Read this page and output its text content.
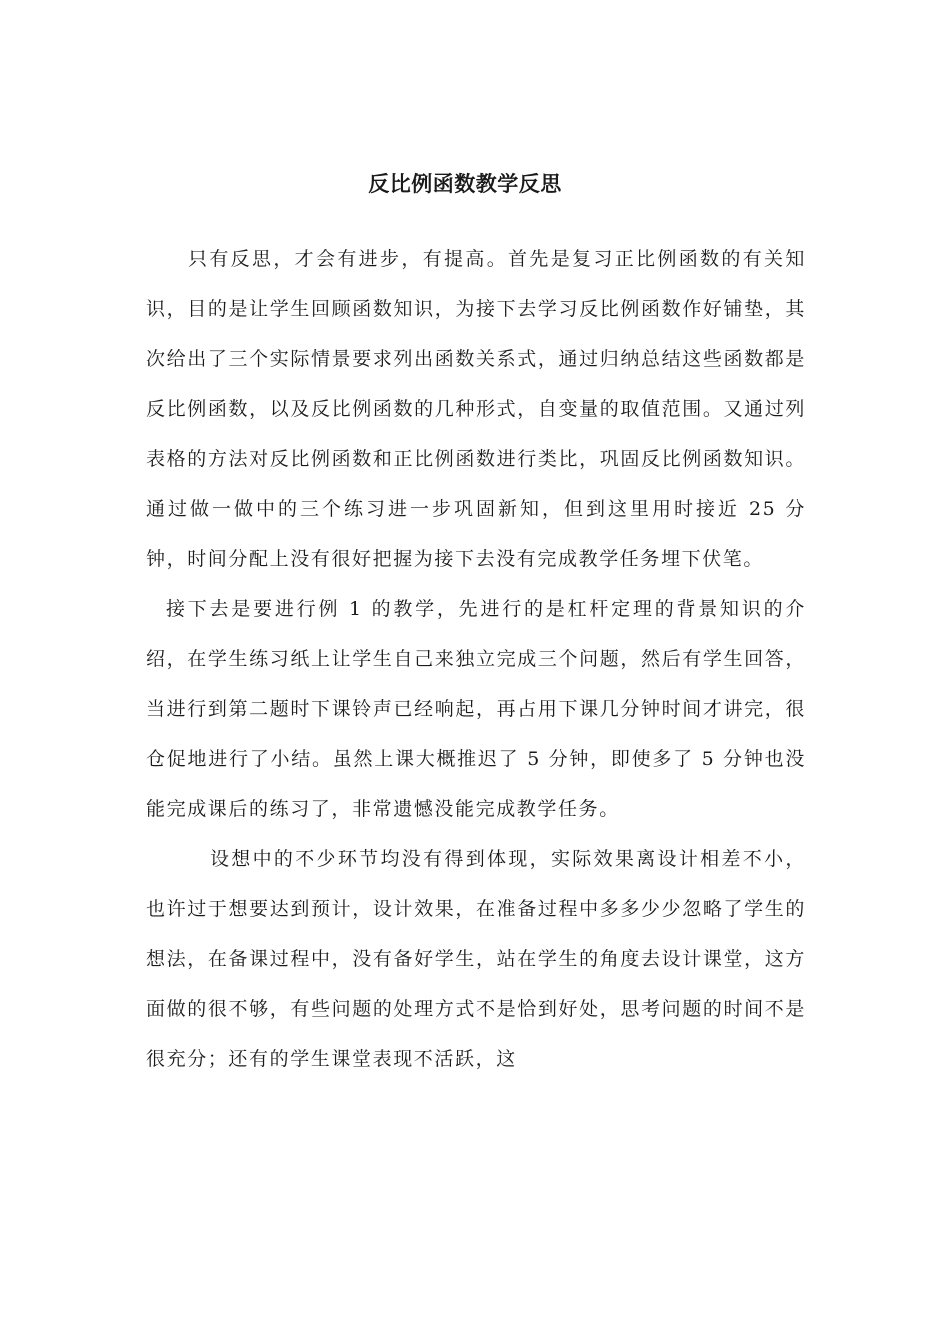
反比例函数教学反思

只有反思，才会有进步，有提高。首先是复习正比例函数的有关知识，目的是让学生回顾函数知识，为接下去学习反比例函数作好铺垫，其次给出了三个实际情景要求列出函数关系式，通过归纳总结这些函数都是反比例函数，以及反比例函数的几种形式，自变量的取值范围。又通过列表格的方法对反比例函数和正比例函数进行类比，巩固反比例函数知识。通过做一做中的三个练习进一步巩固新知，但到这里用时接近 25 分钟，时间分配上没有很好把握为接下去没有完成教学任务埋下伏笔。

接下去是要进行例 1 的教学，先进行的是杠杆定理的背景知识的介绍，在学生练习纸上让学生自己来独立完成三个问题，然后有学生回答，当进行到第二题时下课铃声已经响起，再占用下课几分钟时间才讲完，很仓促地进行了小结。虽然上课大概推迟了 5 分钟，即使多了 5 分钟也没能完成课后的练习了，非常遗憾没能完成教学任务。

设想中的不少环节均没有得到体现，实际效果离设计相差不小，也许过于想要达到预计，设计效果，在准备过程中多多少少忽略了学生的想法，在备课过程中，没有备好学生，站在学生的角度去设计课堂，这方面做的很不够，有些问题的处理方式不是恰到好处，思考问题的时间不是很充分；还有的学生课堂表现不活跃，这
